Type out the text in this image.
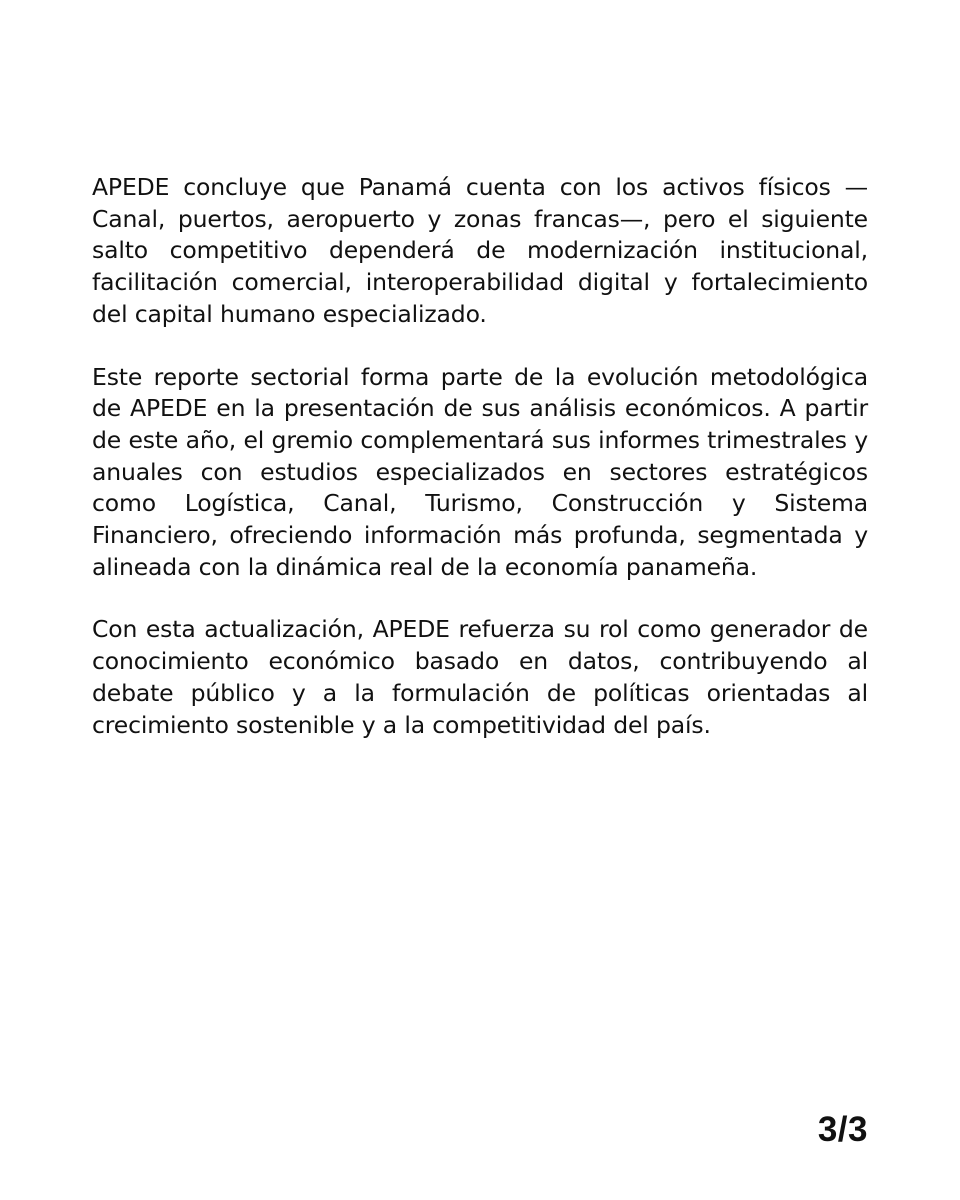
APEDE concluye que Panamá cuenta con los activos físicos — Canal, puertos, aeropuerto y zonas francas—, pero el siguiente salto competitivo dependerá de modernización institucional, facilitación comercial, interoperabilidad digital y fortalecimiento del capital humano especializado.

Este reporte sectorial forma parte de la evolución metodológica de APEDE en la presentación de sus análisis económicos. A partir de este año, el gremio complementará sus informes trimestrales y anuales con estudios especializados en sectores estratégicos como Logística, Canal, Turismo, Construcción y Sistema Financiero, ofreciendo información más profunda, segmentada y alineada con la dinámica real de la economía panameña.

Con esta actualización, APEDE refuerza su rol como generador de conocimiento económico basado en datos, contribuyendo al debate público y a la formulación de políticas orientadas al crecimiento sostenible y a la competitividad del país.

3/3
